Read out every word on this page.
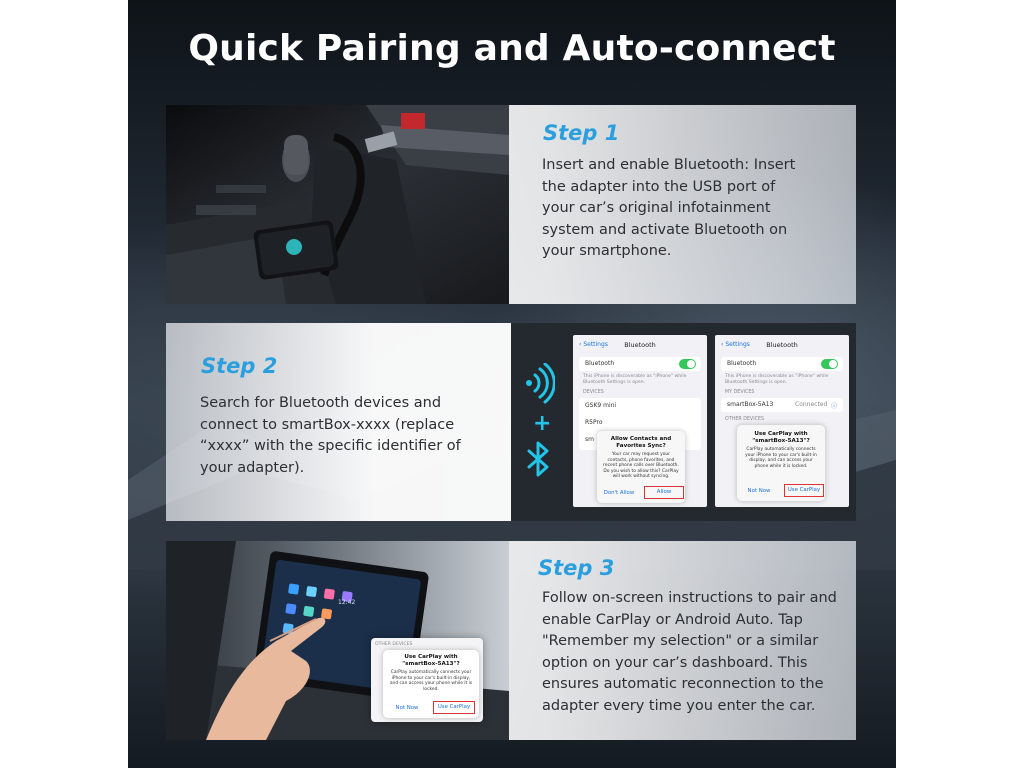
Quick Pairing and Auto-connect
Step 1
Insert and enable Bluetooth: Insert
the adapter into the USB port of
your car’s original infotainment
system and activate Bluetooth on
your smartphone.
Step 2
Search for Bluetooth devices and
connect to smartBox-xxxx (replace
“xxxx” with the specific identifier of
your adapter).
+
‹ Settings	Bluetooth
Bluetooth
This iPhone is discoverable as "iPhone" while Bluetooth Settings is open.
DEVICES
GSK9 mini
R5Pro
sm	Allow Contacts and Favorites Sync?
Your car may request your contacts, phone favorites, and recent phone calls over Bluetooth. Do you wish to allow this? CarPlay will work without syncing.
Don't Allow	Allow
‹ Settings	Bluetooth
Bluetooth
This iPhone is discoverable as "iPhone" while Bluetooth Settings is open.
MY DEVICES
smartBox-5A13	Connected ⓘ
OTHER DEVICES
Use CarPlay with "smartBox-5A13"?
CarPlay automatically connects your iPhone to your car's built-in display, and can access your phone while it is locked.
Not Now	Use CarPlay
12:42
OTHER DEVICES
Use CarPlay with "smartBox-5A13"?
CarPlay automatically connects your iPhone to your car's built-in display, and can access your phone while it is locked.
Not Now	Use CarPlay
Step 3
Follow on-screen instructions to pair and
enable CarPlay or Android Auto. Tap
"Remember my selection" or a similar
option on your car’s dashboard. This
ensures automatic reconnection to the
adapter every time you enter the car.
